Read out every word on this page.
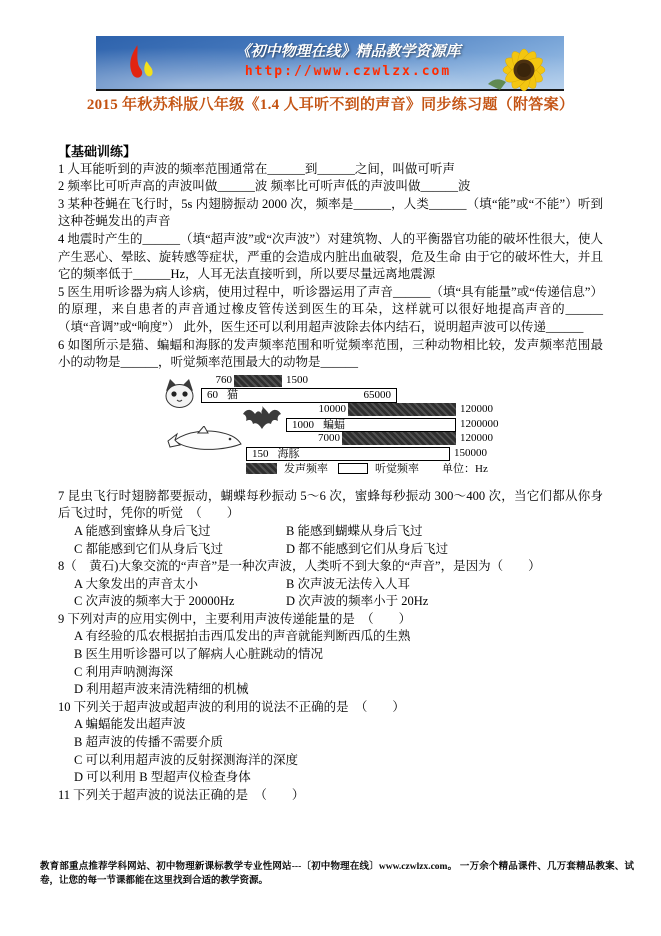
《初中物理在线》精品教学资源库
http://www.czwlzx.com
2015 年秋苏科版八年级《1.4 人耳听不到的声音》同步练习题（附答案）
【基础训练】

1 人耳能听到的声波的频率范围通常在______到______之间，叫做可听声

2 频率比可听声高的声波叫做______波 频率比可听声低的声波叫做______波

3 某种苍蝇在飞行时，5s 内翅膀振动 2000 次，频率是______，人类______（填“能”或“不能”）听到这种苍蝇发出的声音

4 地震时产生的______（填“超声波”或“次声波”）对建筑物、人的平衡器官功能的破坏性很大，使人产生恶心、晕眩、旋转感等症状，严重的会造成内脏出血破裂，危及生命 由于它的破坏性大，并且它的频率低于______Hz，人耳无法直接听到，所以要尽量远离地震源

5 医生用听诊器为病人诊病，使用过程中，听诊器运用了声音______（填“具有能量”或“传递信息”）的原理，来自患者的声音通过橡皮管传送到医生的耳朵，这样就可以很好地提高声音的______（填“音调”或“响度”） 此外，医生还可以利用超声波除去体内结石，说明超声波可以传递______

6 如图所示是猫、蝙蝠和海豚的发声频率范围和听觉频率范围，三种动物相比较，发声频率范围最小的动物是______，听觉频率范围最大的动物是______

760	1500
60 猫	65000
10000	120000
1000 蝙蝠	1200000
7000	120000
150 海豚	150000
发声频率	听觉频率 单位：Hz

7 昆虫飞行时翅膀都要振动，蝴蝶每秒振动 5～6 次，蜜蜂每秒振动 300～400 次，当它们都从你身后飞过时，凭你的听觉　（　　）

A 能感到蜜蜂从身后飞过	B 能感到蝴蝶从身后飞过
C 都能感到它们从身后飞过	D 都不能感到它们从身后飞过

8（　黄石)大象交流的“声音”是一种次声波，人类听不到大象的“声音”，是因为（　　）

A 大象发出的声音太小	B 次声波无法传入人耳
C 次声波的频率大于 20000Hz	D 次声波的频率小于 20Hz

9 下列对声的应用实例中，主要利用声波传递能量的是　（　　）

A 有经验的瓜农根据拍击西瓜发出的声音就能判断西瓜的生熟
B 医生用听诊器可以了解病人心脏跳动的情况
C 利用声呐测海深
D 利用超声波来清洗精细的机械

10 下列关于超声波或超声波的利用的说法不正确的是　（　　）

A 蝙蝠能发出超声波
B 超声波的传播不需要介质
C 可以利用超声波的反射探测海洋的深度
D 可以利用 B 型超声仪检查身体

11 下列关于超声波的说法正确的是　（　　）

教育部重点推荐学科网站、初中物理新课标教学专业性网站---〔初中物理在线〕www.czwlzx.com。 一万余个精品课件、几万套精品教案、试卷，让您的每一节课都能在这里找到合适的教学资源。
